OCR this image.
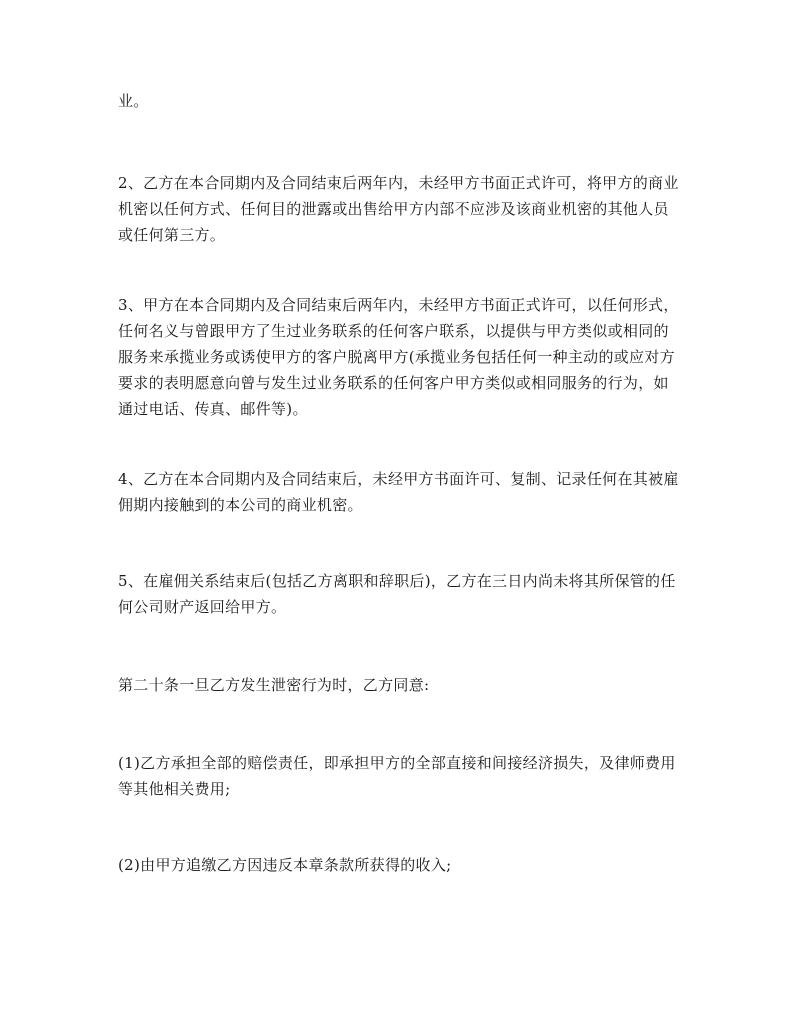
业。

2、乙方在本合同期内及合同结束后两年内，未经甲方书面正式许可，将甲方的商业机密以任何方式、任何目的泄露或出售给甲方内部不应涉及该商业机密的其他人员或任何第三方。

3、甲方在本合同期内及合同结束后两年内，未经甲方书面正式许可，以任何形式，任何名义与曾跟甲方了生过业务联系的任何客户联系，以提供与甲方类似或相同的服务来承揽业务或诱使甲方的客户脱离甲方(承揽业务包括任何一种主动的或应对方要求的表明愿意向曾与发生过业务联系的任何客户甲方类似或相同服务的行为，如通过电话、传真、邮件等)。

4、乙方在本合同期内及合同结束后，未经甲方书面许可、复制、记录任何在其被雇佣期内接触到的本公司的商业机密。

5、在雇佣关系结束后(包括乙方离职和辞职后)，乙方在三日内尚未将其所保管的任何公司财产返回给甲方。

第二十条一旦乙方发生泄密行为时，乙方同意:

(1)乙方承担全部的赔偿责任，即承担甲方的全部直接和间接经济损失，及律师费用等其他相关费用;

(2)由甲方追缴乙方因违反本章条款所获得的收入;
